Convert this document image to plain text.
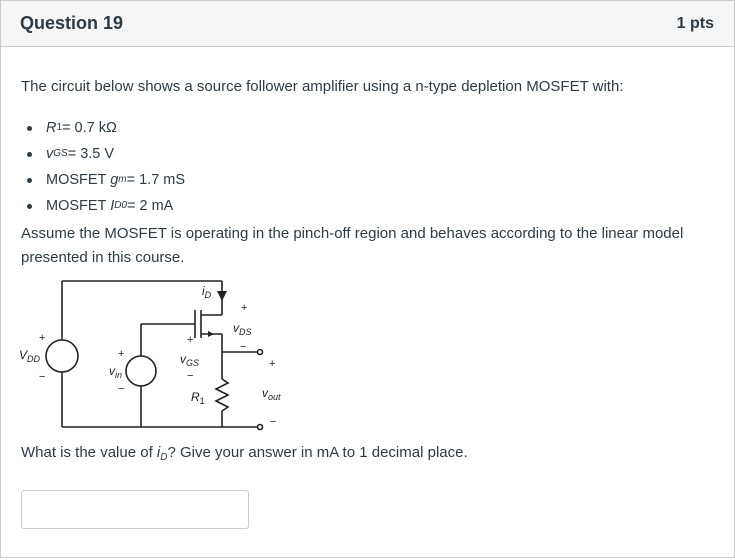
Question 19	1 pts
The circuit below shows a source follower amplifier using a n-type depletion MOSFET with:
R 1 = 0.7 kΩ
v GS = 3.5 V
MOSFET g m = 1.7 mS
MOSFET I D0 = 2 mA
Assume the MOSFET is operating in the pinch-off region and behaves according to the linear model presented in this course.
$i_D$
+
$v_{DS}$
−
+
$V_{DD}$
−
+
$v_{in}$
−
+
$v_{GS}$
−
$R_1$
+
$v_{out}$
−
What is the value of $i_D$? Give your answer in mA to 1 decimal place.
